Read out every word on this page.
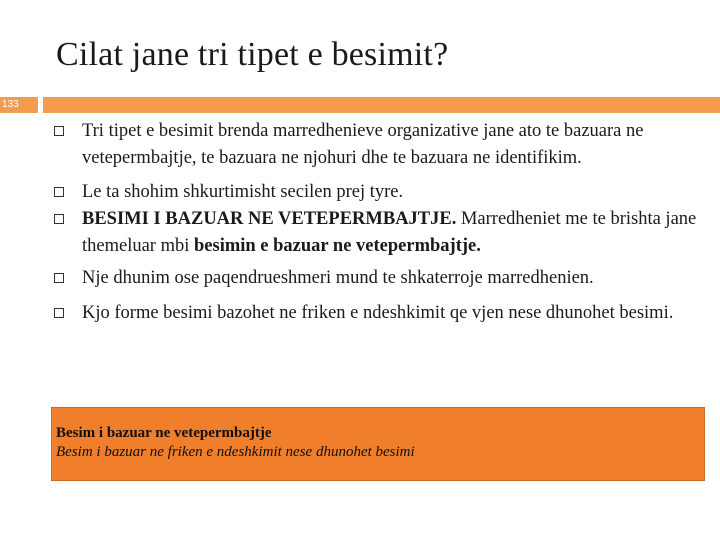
Cilat jane tri tipet e besimit?
133
Tri tipet e besimit brenda marredhenieve organizative jane ato te bazuara ne vetepermbajtje, te bazuara ne njohuri dhe te bazuara ne identifikim.
Le ta shohim shkurtimisht secilen prej tyre.
BESIMI I BAZUAR NE VETEPERMBAJTJE. Marredheniet me te brishta jane themeluar mbi besimin e bazuar ne vetepermbajtje.
Nje dhunim ose paqendrueshmeri mund te shkaterroje marredhenien.
Kjo forme besimi bazohet ne friken e ndeshkimit qe vjen nese dhunohet besimi.
Besim i bazuar ne vetepermbajtje
Besim i bazuar ne friken e ndeshkimit nese dhunohet besimi
